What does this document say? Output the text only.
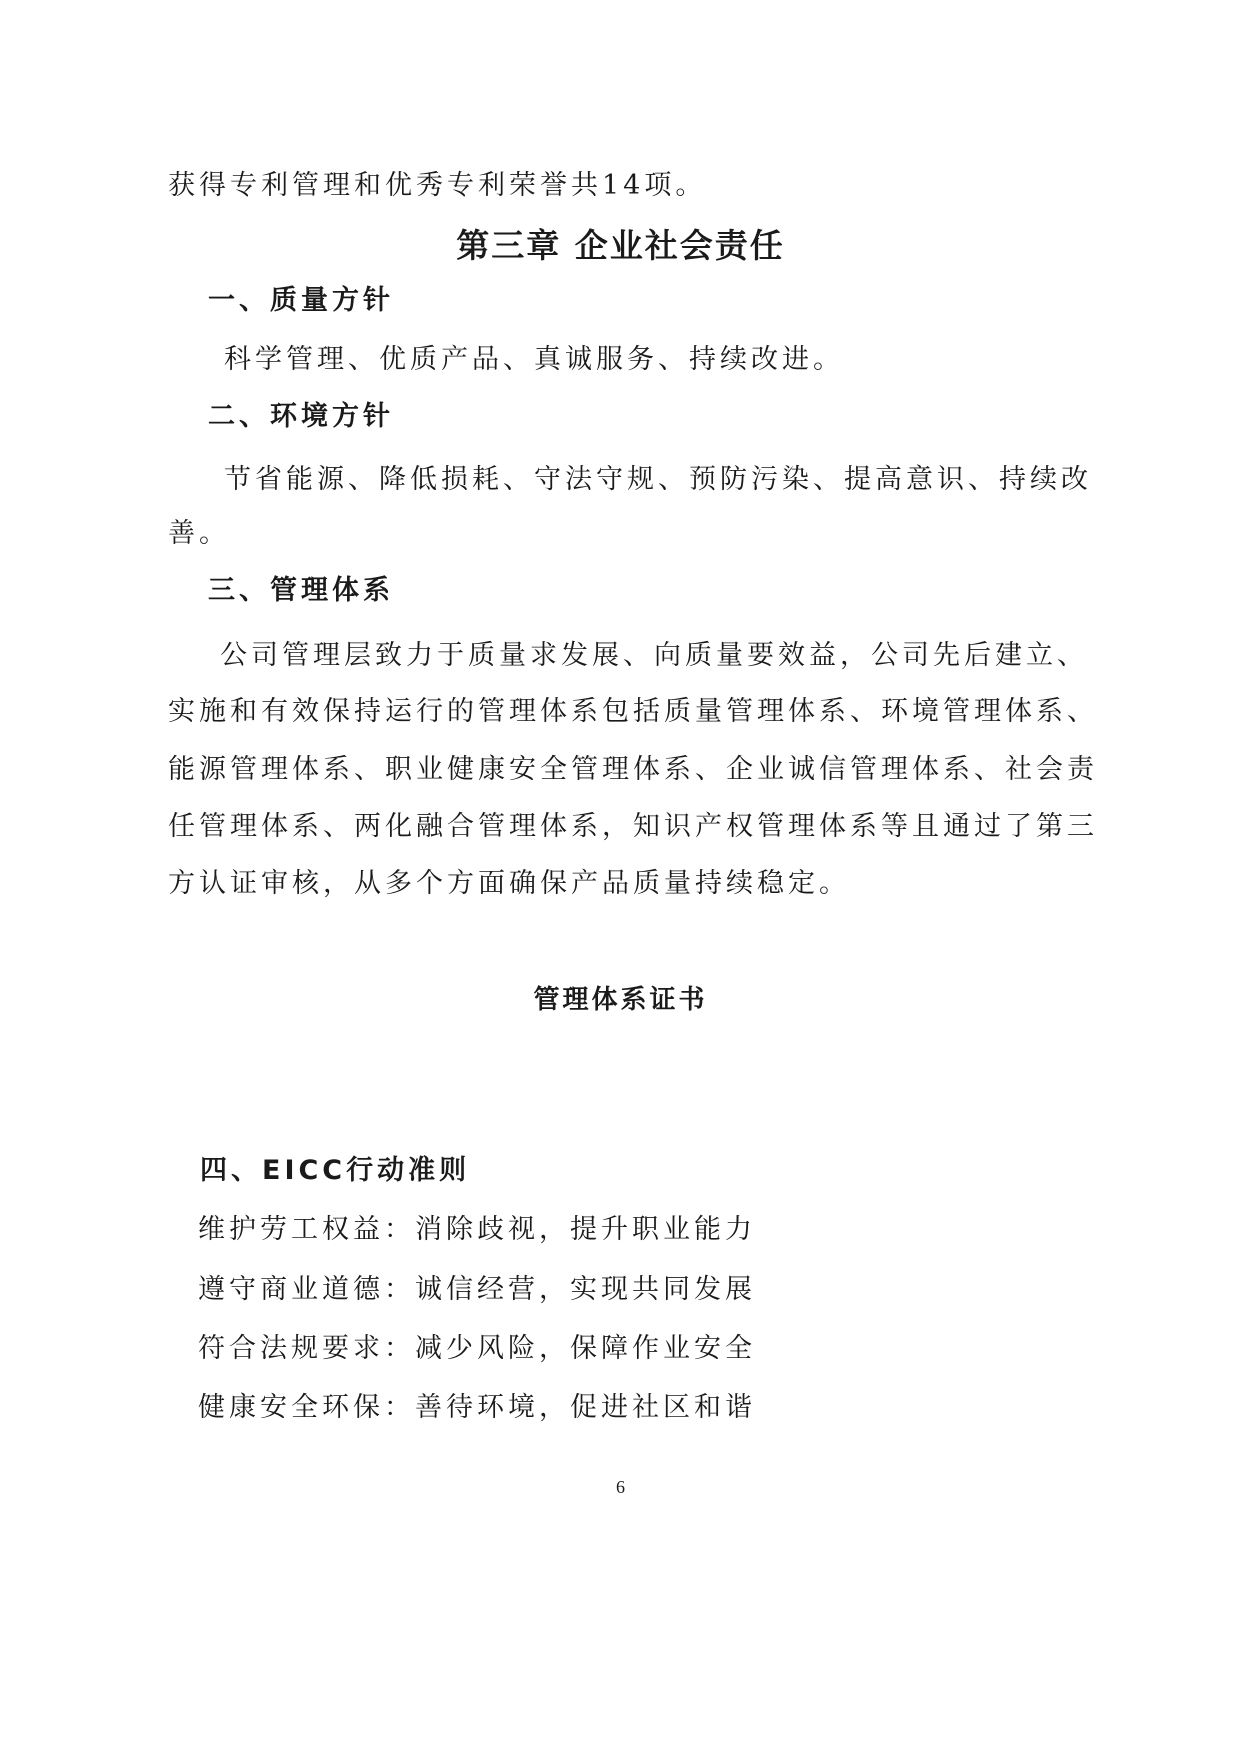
获得专利管理和优秀专利荣誉共14项。
第三章 企业社会责任
一、质量方针
科学管理、优质产品、真诚服务、持续改进。
二、环境方针
节省能源、降低损耗、守法守规、预防污染、提高意识、持续改
善。
三、管理体系
公司管理层致力于质量求发展、向质量要效益，公司先后建立、
实施和有效保持运行的管理体系包括质量管理体系、环境管理体系、
能源管理体系、职业健康安全管理体系、企业诚信管理体系、社会责
任管理体系、两化融合管理体系，知识产权管理体系等且通过了第三
方认证审核，从多个方面确保产品质量持续稳定。
管理体系证书
四、EICC行动准则
维护劳工权益：消除歧视，提升职业能力
遵守商业道德：诚信经营，实现共同发展
符合法规要求：减少风险，保障作业安全
健康安全环保：善待环境，促进社区和谐
6
